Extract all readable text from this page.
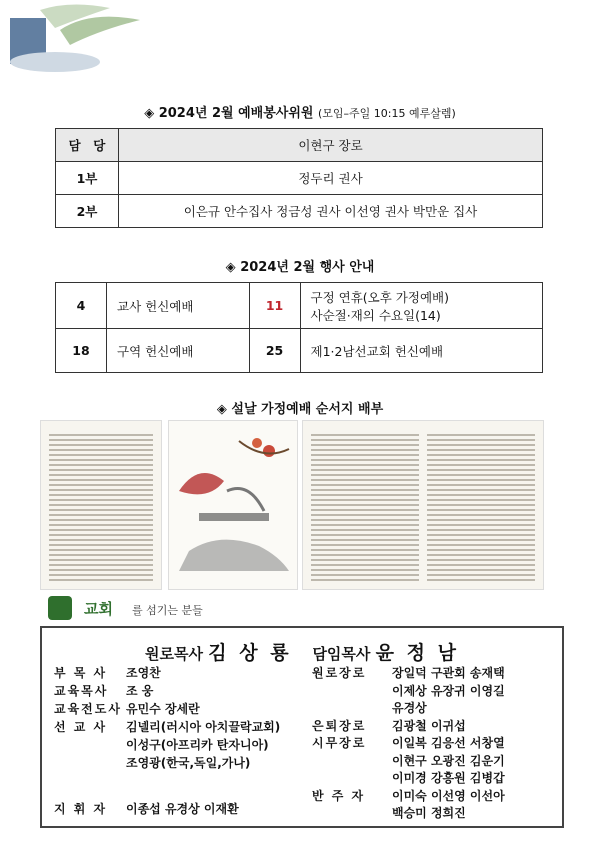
◈ 2024년 2월 예배봉사위원 (모임–주일 10:15 예루살렘)
담　당	이현구 장로
1부	정두리 권사
2부	이은규 안수집사 정금성 권사 이선영 권사 박만운 집사
◈ 2024년 2월 행사 안내
4	교사 헌신예배	11	구정 연휴(오후 가정예배)
사순절·재의 수요일(14)

18	구역 헌신예배	25	제1·2남선교회 헌신예배
◈ 설날 가정예배 순서지 배부
교회 를 섬기는 분들
원로목사 김 상 룡 담임목사 윤 정 남
부 목 사 조영찬
교육목사 조 웅
교육전도사 유민수 장세란
선 교 사 김넬리(러시아 아치끌락교회)
이성구(아프리카 탄자니아)
조영광(한국,독일,가나)
지 휘 자 이종섭 유경상 이재환
원로장로 장일덕 구관회 송재택
이제상 유장귀 이영길
유경상
은퇴장로 김광철 이귀섭
시무장로 이일복 김응선 서창열
이현구 오광진 김운기
이미경 강흥원 김병갑
반 주 자 이미숙 이선영 이선아
백승미 정희진
